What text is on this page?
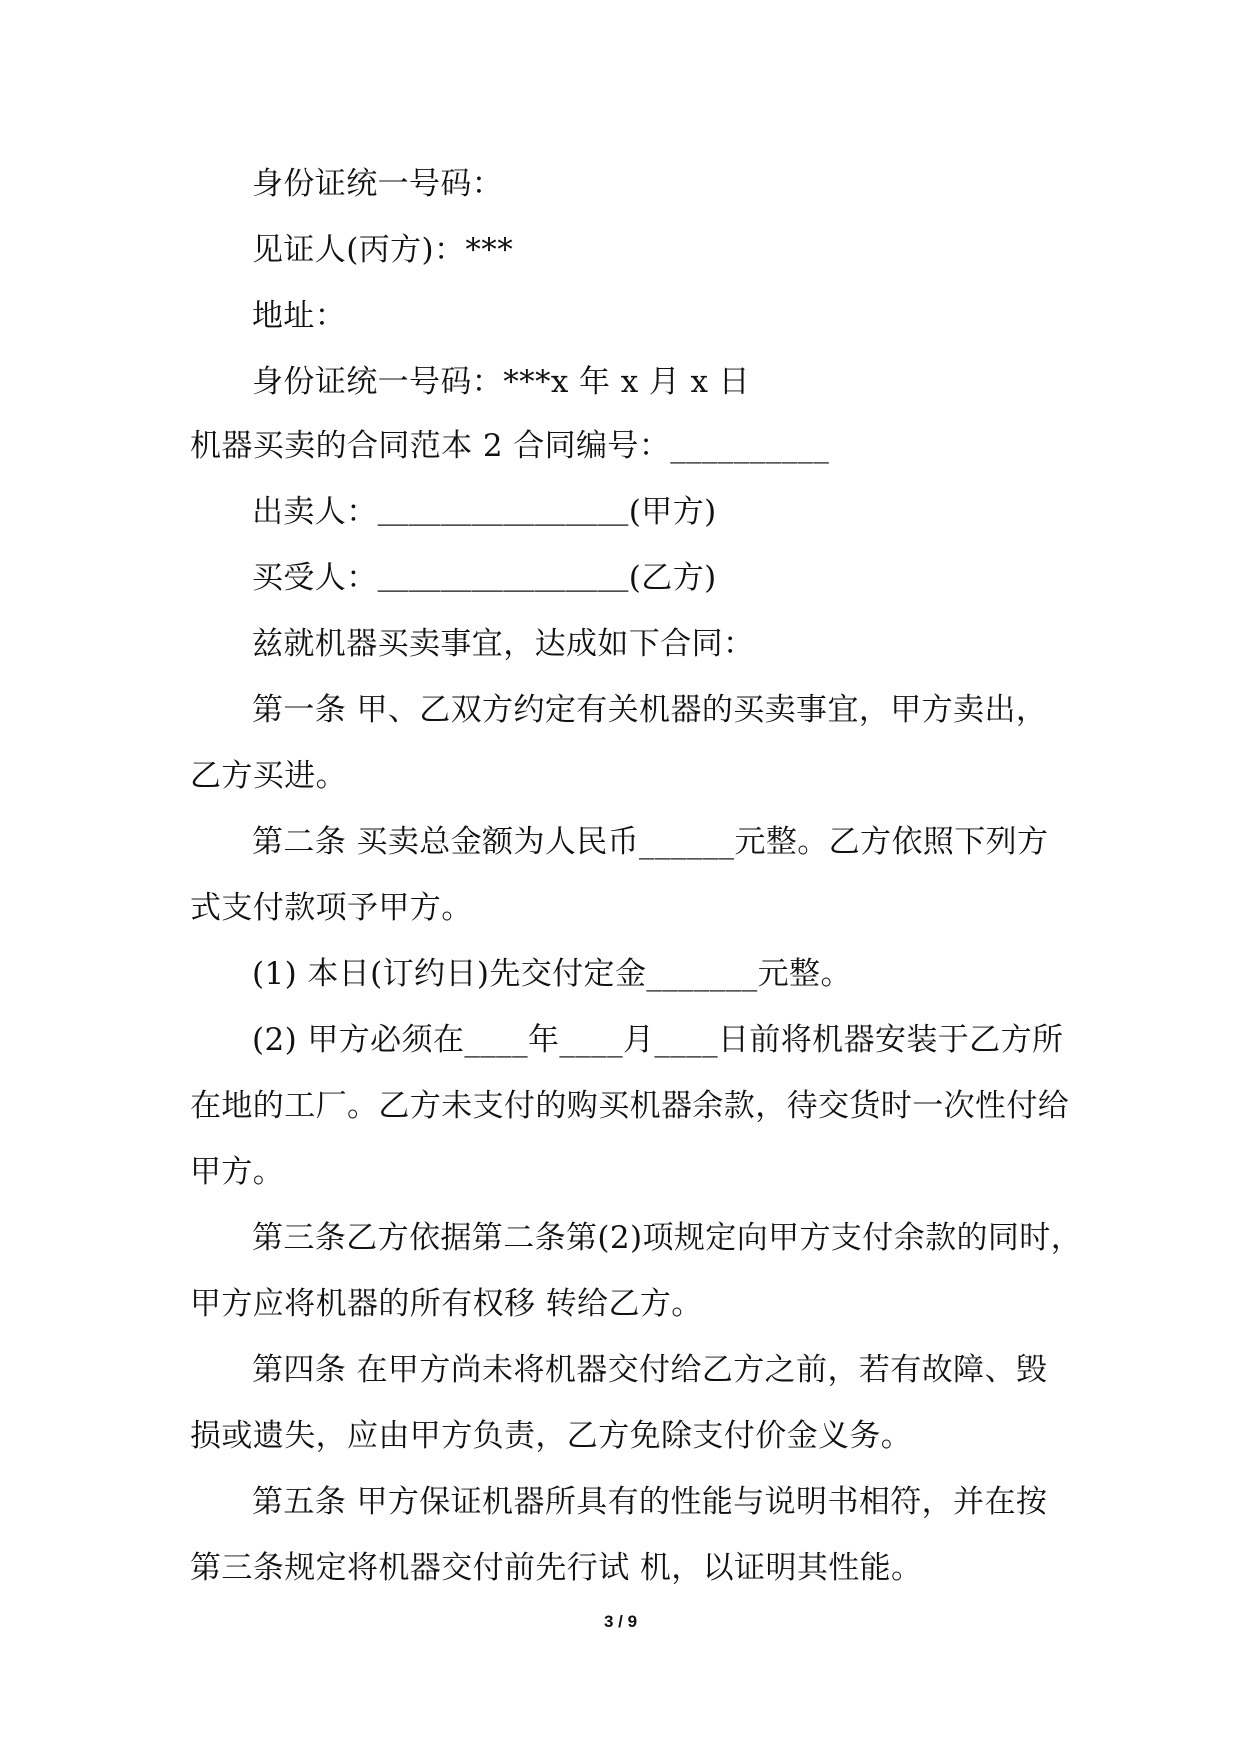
身份证统一号码：
见证人(丙方)：***
地址：
身份证统一号码：***x 年 x 月 x 日
机器买卖的合同范本 2 合同编号：__________
出卖人：＿＿＿＿＿＿＿＿(甲方)
买受人：＿＿＿＿＿＿＿＿(乙方)
兹就机器买卖事宜，达成如下合同：
第一条 甲、乙双方约定有关机器的买卖事宜，甲方卖出，
乙方买进。
第二条 买卖总金额为人民币______元整。乙方依照下列方
式支付款项予甲方。
(1) 本日(订约日)先交付定金_______元整。
(2) 甲方必须在____年____月____日前将机器安装于乙方所
在地的工厂。乙方未支付的购买机器余款，待交货时一次性付给
甲方。
第三条乙方依据第二条第(2)项规定向甲方支付余款的同时，
甲方应将机器的所有权移 转给乙方。
第四条 在甲方尚未将机器交付给乙方之前，若有故障、毁
损或遗失，应由甲方负责，乙方免除支付价金义务。
第五条 甲方保证机器所具有的性能与说明书相符，并在按
第三条规定将机器交付前先行试 机，以证明其性能。
3 / 9
